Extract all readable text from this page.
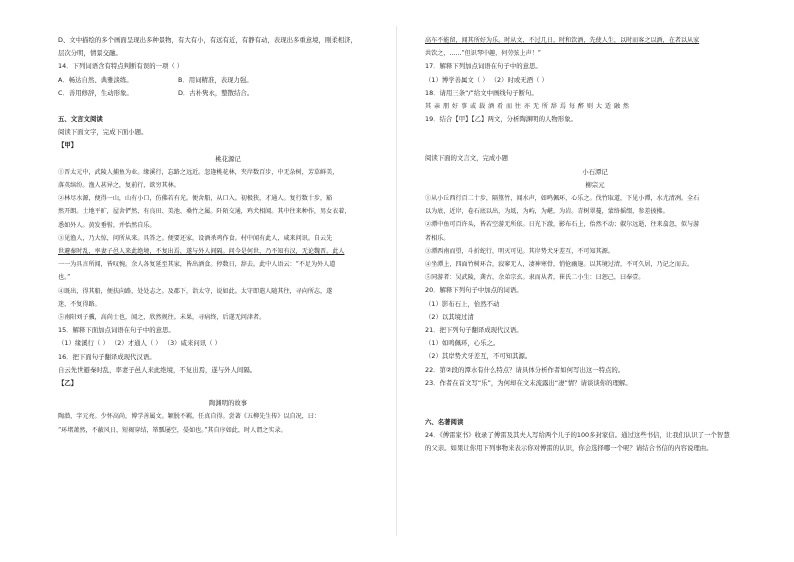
D、文中描绘的多个画面呈现出多种景物，有大有小，有远有近，有静有动，表现出多重意境，刚柔相济，
层次分明，情景交融。
14．下列词语含有特点判断有误的一项（ ）
A．畅达自然、典雅淡练。	B．用词精准，表现力强。
C．善用修辞，生动形象。	D．古朴隽永，整散结合。
五、文言文阅读
阅读下面文字，完成下面小题。
【甲】
桃花源记
①晋太元中，武陵人捕鱼为业。缘溪行，忘路之远近。忽逢桃花林，夹岸数百步，中无杂树，芳草鲜美，
落英缤纷。渔人甚异之，复前行，欲穷其林。
②林尽水源，便得一山，山有小口，仿佛若有光。便舍船，从口入。初极狭，才通人。复行数十步，豁
然开朗。土地平旷，屋舍俨然，有良田、美池、桑竹之属。阡陌交通，鸡犬相闻。其中往来种作，男女衣着，
悉如外人。黄发垂髫，并怡然自乐。
③见渔人，乃大惊，问所从来。具答之。便要还家，设酒杀鸡作食。村中闻有此人，咸来问讯。自云先
世避秦时乱，率妻子邑人来此绝境，不复出焉，遂与外人间隔。问今是何世，乃不知有汉，无论魏晋。此人
一一为具言所闻，皆叹惋。余人各复延至其家，皆出酒食。停数日，辞去。此中人语云：“不足为外人道
也。”
④既出，得其船，便扶向路，处处志之。及郡下，诣太守，说如此。太守即遣人随其往，寻向所志，遂
迷，不复得路。
⑤南阳刘子骥，高尚士也，闻之，欣然规往。未果，寻病终，后遂无问津者。
15．解释下面加点词语在句子中的意思。
（1）缘溪行（ ） （2）才通人（ ） （3）咸来问讯（ ）
16．把下面句子翻译成现代汉语。
自云先世避秦时乱，率妻子邑人来此绝境，不复出焉，遂与外人间隔。
【乙】
陶渊明的故事
陶潜，字元亮。少怀高尚，博学善属文。颖脱不羁，任真自得。尝著《五柳先生传》以自况，曰：
“环堵萧然，不蔽风日，短褐穿结，箪瓢屡空，晏如也。”其自序如此，时人谓之实录。
高车不能留，闻其所好为乐。时从文，不过几日，时和饮酒，先使人生，以时而客之以酒，在者以从家
共饮之，……“但识琴中趣，何劳弦上声！”
17．解释下列加点词语在句子中的意思。
（1）博学善属文（ ） （2）时或无酒（ ）
18．请用三条“/”给文中画线句子断句。
其亲朋好事或载酒肴而往亦无所辞焉每醉则大适融然
19．结合【甲】【乙】两文，分析陶渊明的人物形象。
阅读下面的文言文，完成小题
小石潭记
柳宗元
①从小丘西行百二十步，隔篁竹，闻水声，如鸣佩环，心乐之。伐竹取道，下见小潭，水尤清冽。全石
以为底，近岸，卷石底以出，为坻，为屿，为嵁，为岩。青树翠蔓，蒙络摇缀，参差披拂。
②潭中鱼可百许头，皆若空游无所依。日光下澈，影布石上，佁然不动；俶尔远逝，往来翕忽，似与游
者相乐。
③潭西南而望，斗折蛇行，明灭可见。其岸势犬牙差互，不可知其源。
④坐潭上，四面竹树环合，寂寥无人，凄神寒骨，悄怆幽邃。以其境过清，不可久居，乃记之而去。
⑤同游者：吴武陵，龚古，余弟宗玄。隶而从者，崔氏二小生：曰恕己，曰奉壹。
20．解释下列句子中加点的词语。
（1）影布石上，佁然不动
（2）以其境过清
21．把下列句子翻译成现代汉语。
（1）如鸣佩环，心乐之。
（2）其岸势犬牙差互，不可知其源。
22．第②段的潭水有什么特点？请具体分析作者如何写出这一特点的。
23．作者在首文写“乐”，为何却在文末流露出“凄”情？请谈谈你的理解。
六、名著阅读
24．《傅雷家书》收录了傅雷及其夫人写给两个儿子的100多封家信。通过这些书信，让我们认识了一个智慧
的父亲。如果让你用下列事物来表示你对傅雷的认识，你会选择哪一个呢？请结合书信的内容说理由。
